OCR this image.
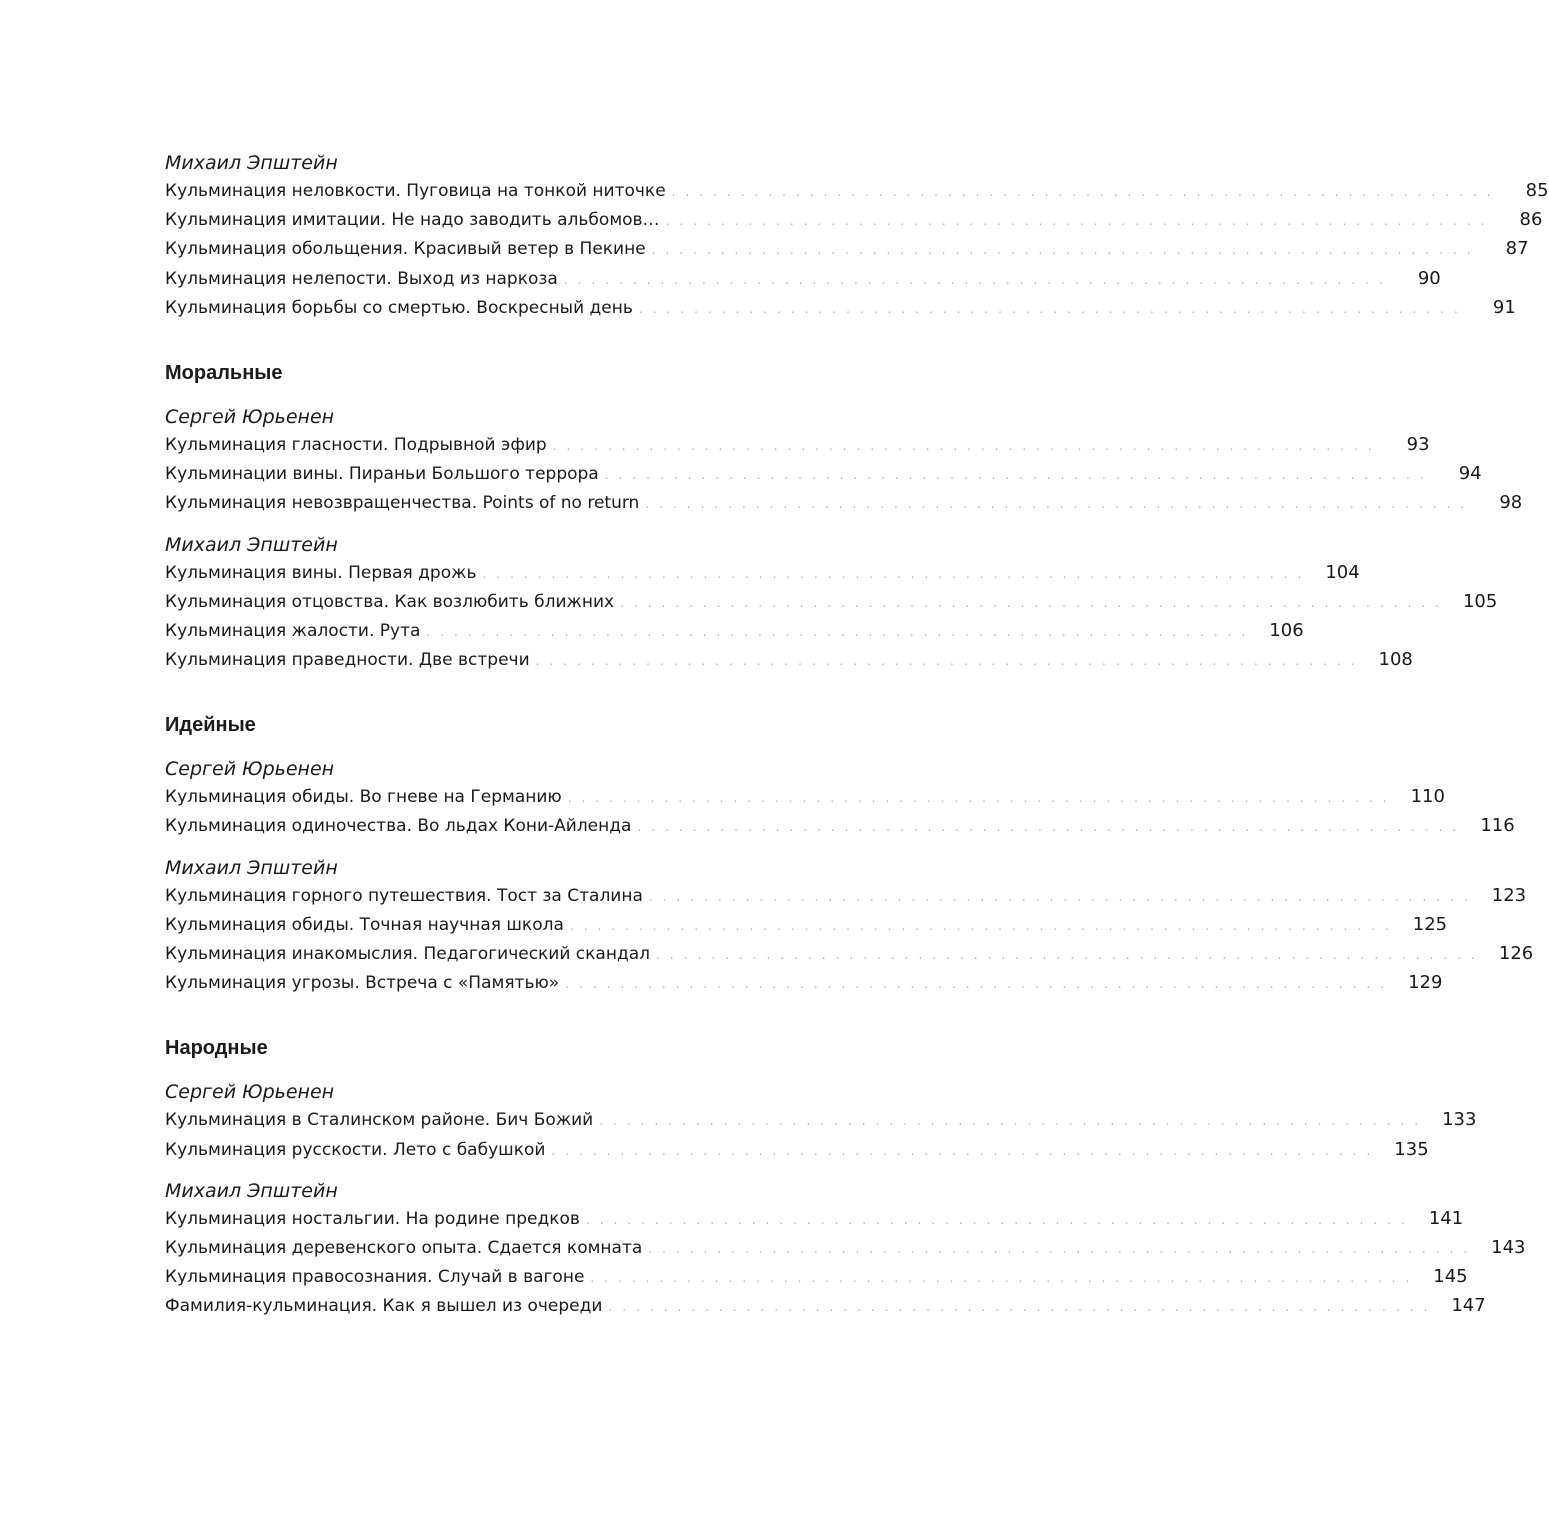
Михаил Эпштейн
Кульминация неловкости. Пуговица на тонкой ниточке ............................................................	85
Кульминация имитации. Не надо заводить альбомов… ............................................................	86
Кульминация обольщения. Красивый ветер в Пекине ............................................................	87
Кульминация нелепости. Выход из наркоза ............................................................	90
Кульминация борьбы со смертью. Воскресный день ............................................................	91
Моральные
Сергей Юрьенен
Кульминация гласности. Подрывной эфир ............................................................	93
Кульминации вины. Пираньи Большого террора ............................................................	94
Кульминация невозвращенчества. Points of no return ............................................................	98
Михаил Эпштейн
Кульминация вины. Первая дрожь ............................................................ 104
Кульминация отцовства. Как возлюбить ближних ............................................................ 105
Кульминация жалости. Рута ............................................................ 106
Кульминация праведности. Две встречи ............................................................ 108
Идейные
Сергей Юрьенен
Кульминация обиды. Во гневе на Германию ............................................................ 110
Кульминация одиночества. Во льдах Кони-Айленда ............................................................ 116
Михаил Эпштейн
Кульминация горного путешествия. Тост за Сталина ............................................................ 123
Кульминация обиды. Точная научная школа ............................................................ 125
Кульминация инакомыслия. Педагогический скандал ............................................................ 126
Кульминация угрозы. Встреча с «Памятью» ............................................................ 129
Народные
Сергей Юрьенен
Кульминация в Сталинском районе. Бич Божий ............................................................ 133
Кульминация русскости. Лето с бабушкой ............................................................ 135
Михаил Эпштейн
Кульминация ностальгии. На родине предков ............................................................ 141
Кульминация деревенского опыта. Сдается комната ............................................................ 143
Кульминация правосознания. Случай в вагоне ............................................................ 145
Фамилия-кульминация. Как я вышел из очереди ............................................................ 147
